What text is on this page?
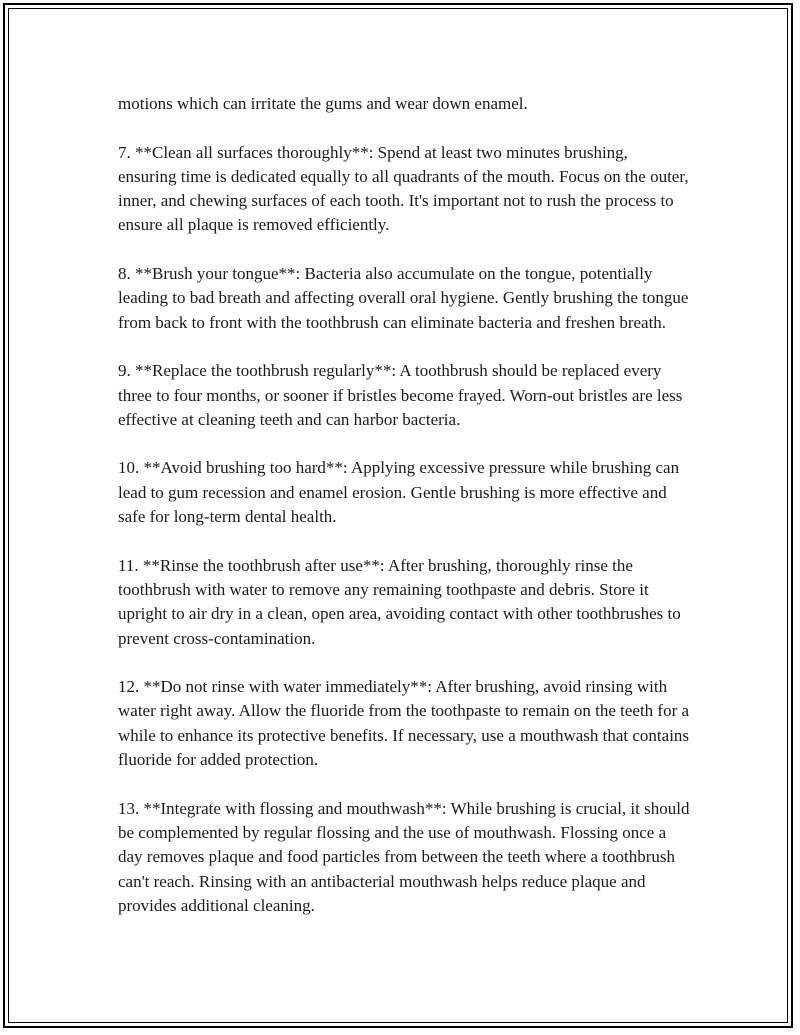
motions which can irritate the gums and wear down enamel.

7. **Clean all surfaces thoroughly**: Spend at least two minutes brushing, ensuring time is dedicated equally to all quadrants of the mouth. Focus on the outer, inner, and chewing surfaces of each tooth. It's important not to rush the process to ensure all plaque is removed efficiently.

8. **Brush your tongue**: Bacteria also accumulate on the tongue, potentially leading to bad breath and affecting overall oral hygiene. Gently brushing the tongue from back to front with the toothbrush can eliminate bacteria and freshen breath.

9. **Replace the toothbrush regularly**: A toothbrush should be replaced every three to four months, or sooner if bristles become frayed. Worn-out bristles are less effective at cleaning teeth and can harbor bacteria.

10. **Avoid brushing too hard**: Applying excessive pressure while brushing can lead to gum recession and enamel erosion. Gentle brushing is more effective and safe for long-term dental health.

11. **Rinse the toothbrush after use**: After brushing, thoroughly rinse the toothbrush with water to remove any remaining toothpaste and debris. Store it upright to air dry in a clean, open area, avoiding contact with other toothbrushes to prevent cross-contamination.

12. **Do not rinse with water immediately**: After brushing, avoid rinsing with water right away. Allow the fluoride from the toothpaste to remain on the teeth for a while to enhance its protective benefits. If necessary, use a mouthwash that contains fluoride for added protection.

13. **Integrate with flossing and mouthwash**: While brushing is crucial, it should be complemented by regular flossing and the use of mouthwash. Flossing once a day removes plaque and food particles from between the teeth where a toothbrush can't reach. Rinsing with an antibacterial mouthwash helps reduce plaque and provides additional cleaning.
